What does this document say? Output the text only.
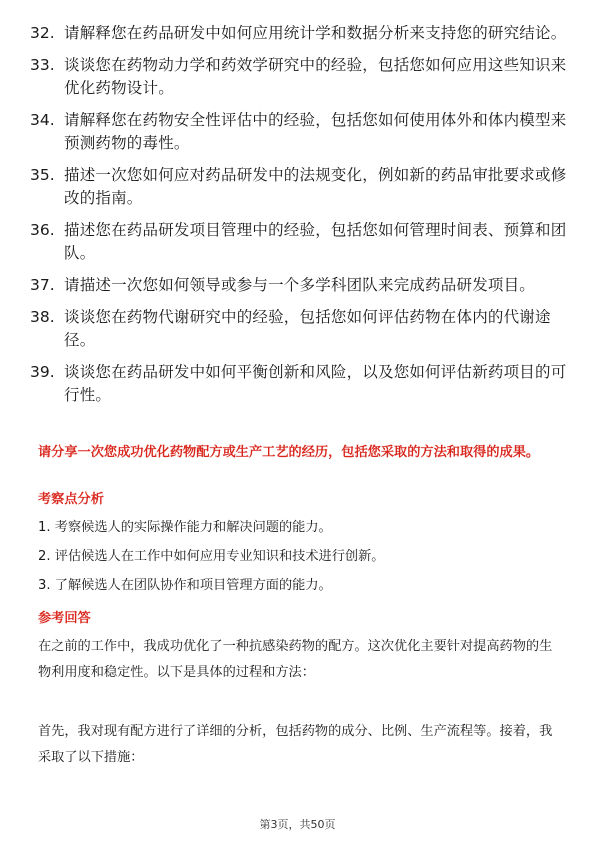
32. 请解释您在药品研发中如何应用统计学和数据分析来支持您的研究结论。
33. 谈谈您在药物动力学和药效学研究中的经验，包括您如何应用这些知识来优化药物设计。
34. 请解释您在药物安全性评估中的经验，包括您如何使用体外和体内模型来预测药物的毒性。
35. 描述一次您如何应对药品研发中的法规变化，例如新的药品审批要求或修改的指南。
36. 描述您在药品研发项目管理中的经验，包括您如何管理时间表、预算和团队。
37. 请描述一次您如何领导或参与一个多学科团队来完成药品研发项目。
38. 谈谈您在药物代谢研究中的经验，包括您如何评估药物在体内的代谢途径。
39. 谈谈您在药品研发中如何平衡创新和风险，以及您如何评估新药项目的可行性。
请分享一次您成功优化药物配方或生产工艺的经历，包括您采取的方法和取得的成果。
考察点分析
1. 考察候选人的实际操作能力和解决问题的能力。
2. 评估候选人在工作中如何应用专业知识和技术进行创新。
3. 了解候选人在团队协作和项目管理方面的能力。
参考回答
在之前的工作中，我成功优化了一种抗感染药物的配方。这次优化主要针对提高药物的生物利用度和稳定性。以下是具体的过程和方法：
首先，我对现有配方进行了详细的分析，包括药物的成分、比例、生产流程等。接着，我采取了以下措施：
第3页，共50页
